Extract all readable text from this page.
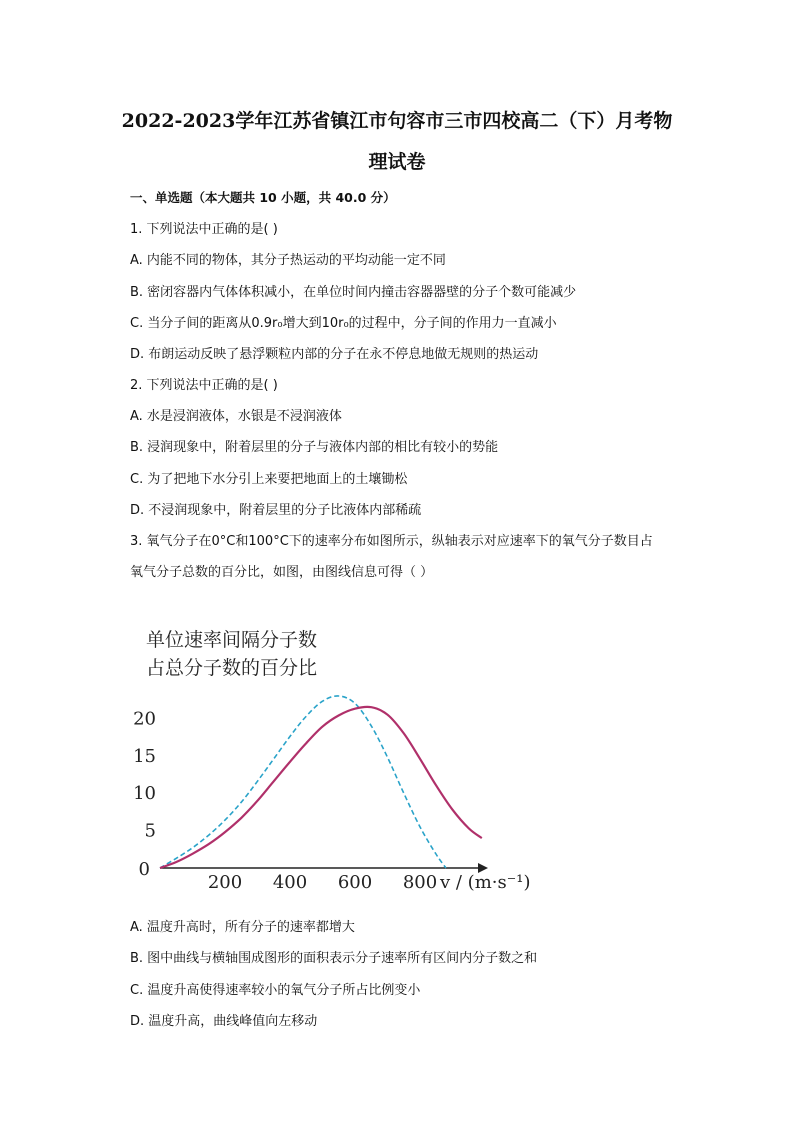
2022-2023学年江苏省镇江市句容市三市四校高二（下）月考物
理试卷
一、单选题（本大题共 10 小题，共 40.0 分）
1. 下列说法中正确的是( )
A. 内能不同的物体，其分子热运动的平均动能一定不同
B. 密闭容器内气体体积减小，在单位时间内撞击容器器壁的分子个数可能减少
C. 当分子间的距离从0.9r₀增大到10r₀的过程中，分子间的作用力一直减小
D. 布朗运动反映了悬浮颗粒内部的分子在永不停息地做无规则的热运动
2. 下列说法中正确的是( )
A. 水是浸润液体，水银是不浸润液体
B. 浸润现象中，附着层里的分子与液体内部的相比有较小的势能
C. 为了把地下水分引上来要把地面上的土壤锄松
D. 不浸润现象中，附着层里的分子比液体内部稀疏
3. 氧气分子在0°C和100°C下的速率分布如图所示，纵轴表示对应速率下的氧气分子数目占
氧气分子总数的百分比，如图，由图线信息可得（ ）
单位速率间隔分子数
占总分子数的百分比
0
v / (m·s⁻¹)
200 400 600 800
5
10
15
20
A. 温度升高时，所有分子的速率都增大
B. 图中曲线与横轴围成图形的面积表示分子速率所有区间内分子数之和
C. 温度升高使得速率较小的氧气分子所占比例变小
D. 温度升高，曲线峰值向左移动
